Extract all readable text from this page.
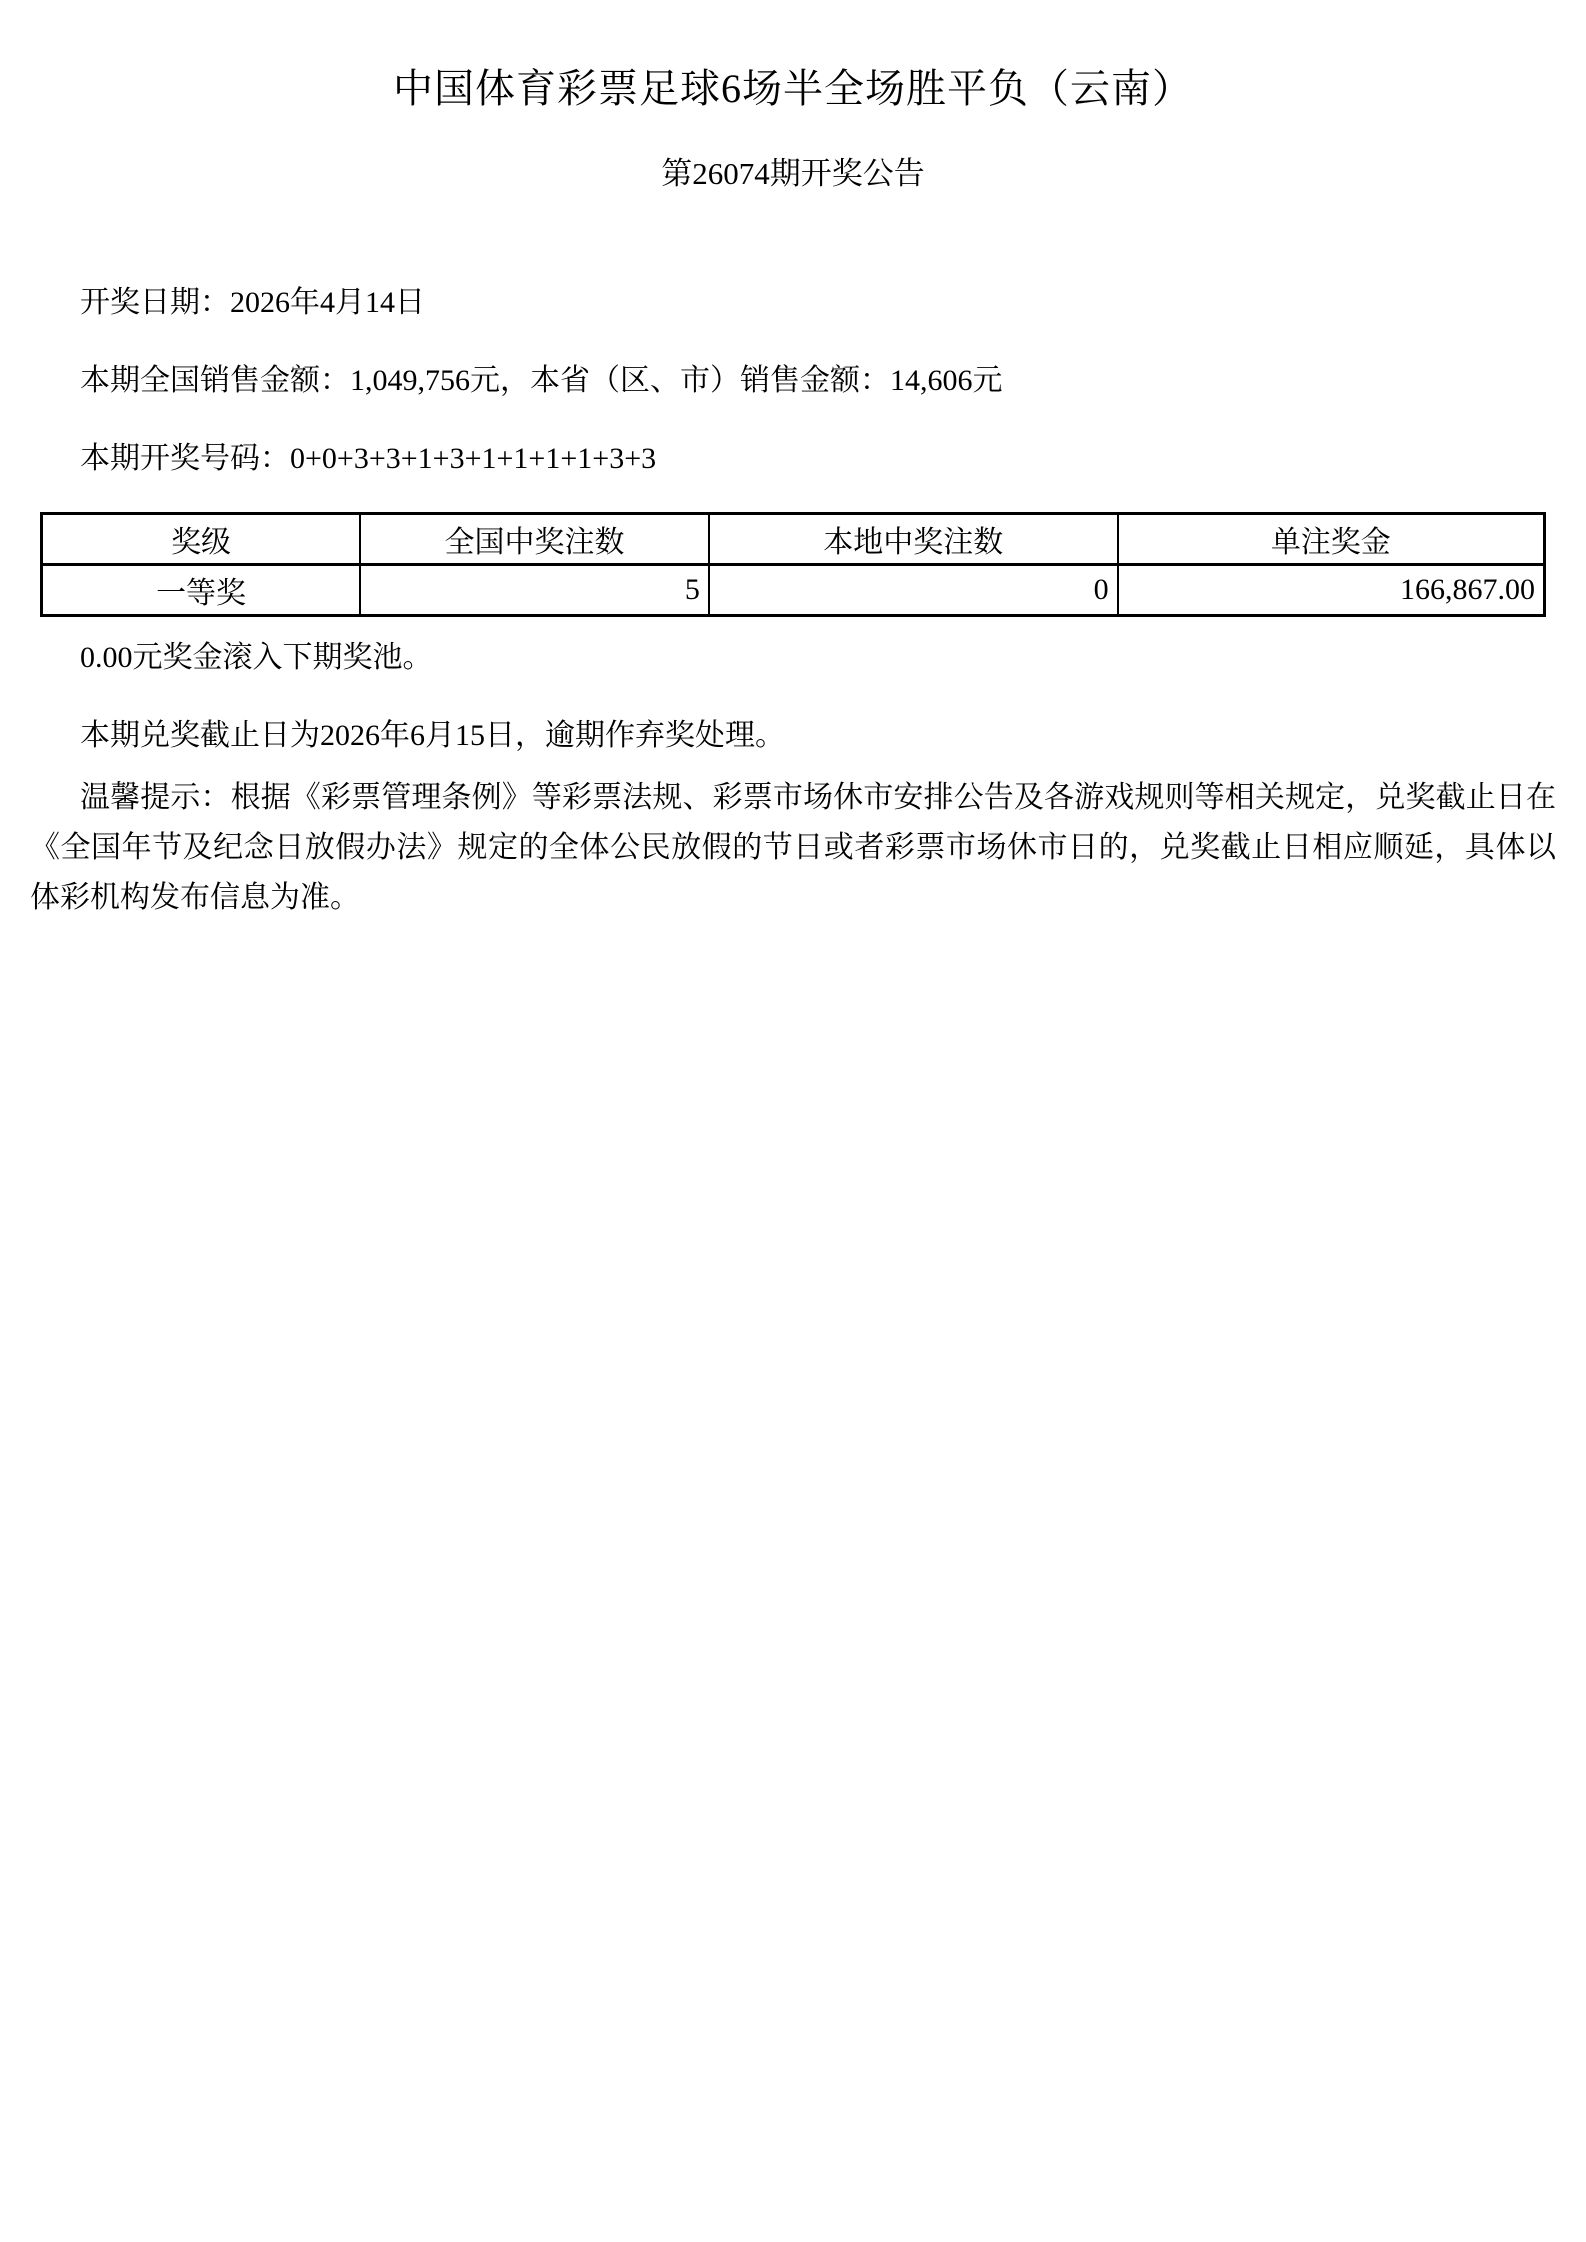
中国体育彩票足球6场半全场胜平负（云南）
第26074期开奖公告

开奖日期：2026年4月14日

本期全国销售金额：1,049,756元，本省（区、市）销售金额：14,606元

本期开奖号码：0+0+3+3+1+3+1+1+1+1+3+3

奖级	全国中奖注数	本地中奖注数	单注奖金
一等奖	5	0	166,867.00

0.00元奖金滚入下期奖池。

本期兑奖截止日为2026年6月15日，逾期作弃奖处理。

温馨提示：根据《彩票管理条例》等彩票法规、彩票市场休市安排公告及各游戏规则等相关规定，兑奖截止日在《全国年节及纪念日放假办法》规定的全体公民放假的节日或者彩票市场休市日的，兑奖截止日相应顺延，具体以体彩机构发布信息为准。
